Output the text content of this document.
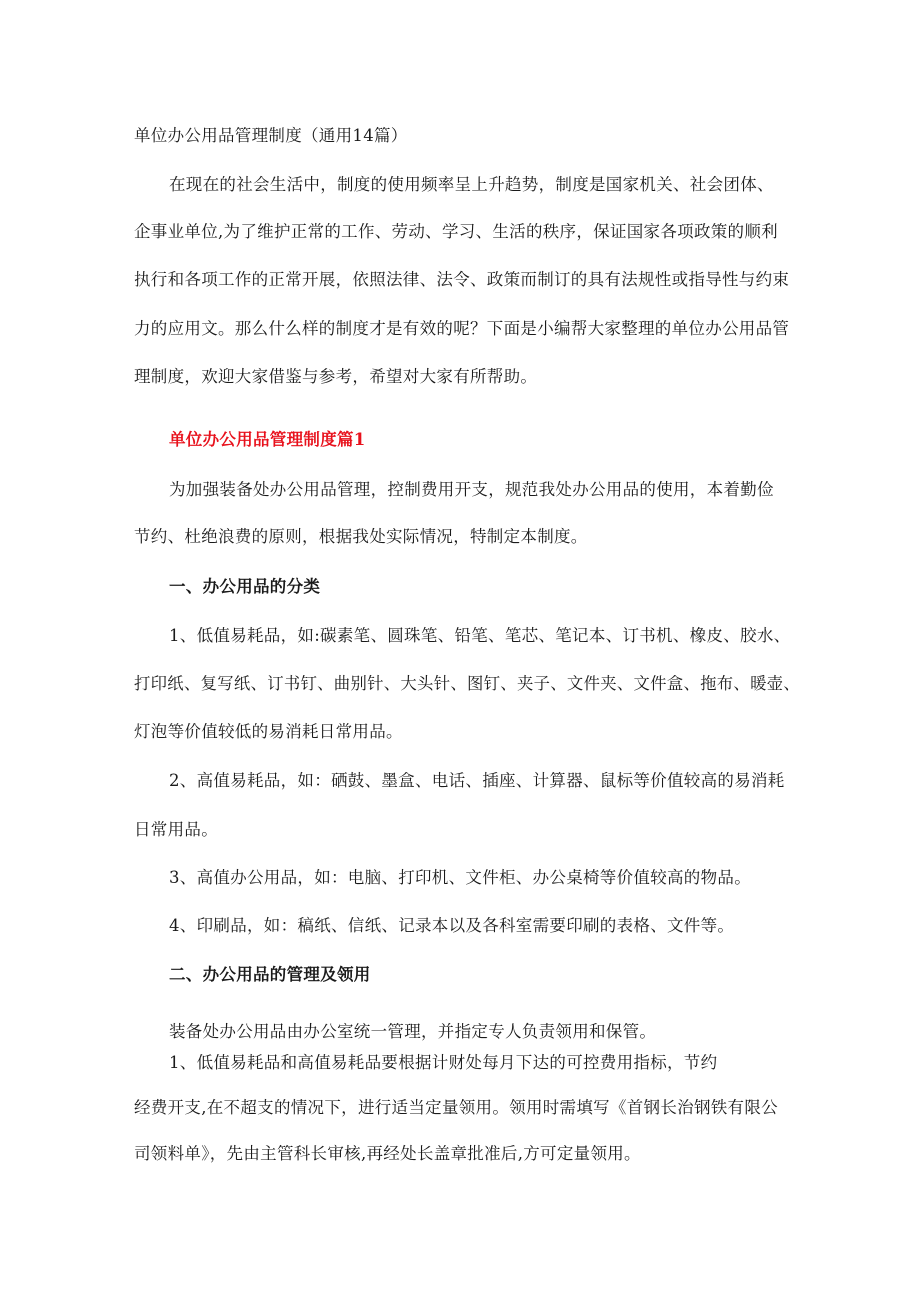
单位办公用品管理制度（通用14篇）
在现在的社会生活中，制度的使用频率呈上升趋势，制度是国家机关、社会团体、
企事业单位,为了维护正常的工作、劳动、学习、生活的秩序，保证国家各项政策的顺利
执行和各项工作的正常开展，依照法律、法令、政策而制订的具有法规性或指导性与约束
力的应用文。那么什么样的制度才是有效的呢？下面是小编帮大家整理的单位办公用品管
理制度，欢迎大家借鉴与参考，希望对大家有所帮助。
单位办公用品管理制度篇1
为加强装备处办公用品管理，控制费用开支，规范我处办公用品的使用，本着勤俭
节约、杜绝浪费的原则，根据我处实际情况，特制定本制度。
一、办公用品的分类
1、低值易耗品，如:碳素笔、圆珠笔、铅笔、笔芯、笔记本、订书机、橡皮、胶水、
打印纸、复写纸、订书钉、曲别针、大头针、图钉、夹子、文件夹、文件盒、拖布、暖壶、
灯泡等价值较低的易消耗日常用品。
2、高值易耗品，如：硒鼓、墨盒、电话、插座、计算器、鼠标等价值较高的易消耗
日常用品。
3、高值办公用品，如：电脑、打印机、文件柜、办公桌椅等价值较高的物品。
4、印刷品，如：稿纸、信纸、记录本以及各科室需要印刷的表格、文件等。
二、办公用品的管理及领用
装备处办公用品由办公室统一管理，并指定专人负责领用和保管。
1、低值易耗品和高值易耗品要根据计财处每月下达的可控费用指标，节约
经费开支,在不超支的情况下，进行适当定量领用。领用时需填写《首钢长治钢铁有限公
司领料单》，先由主管科长审核,再经处长盖章批准后,方可定量领用。
